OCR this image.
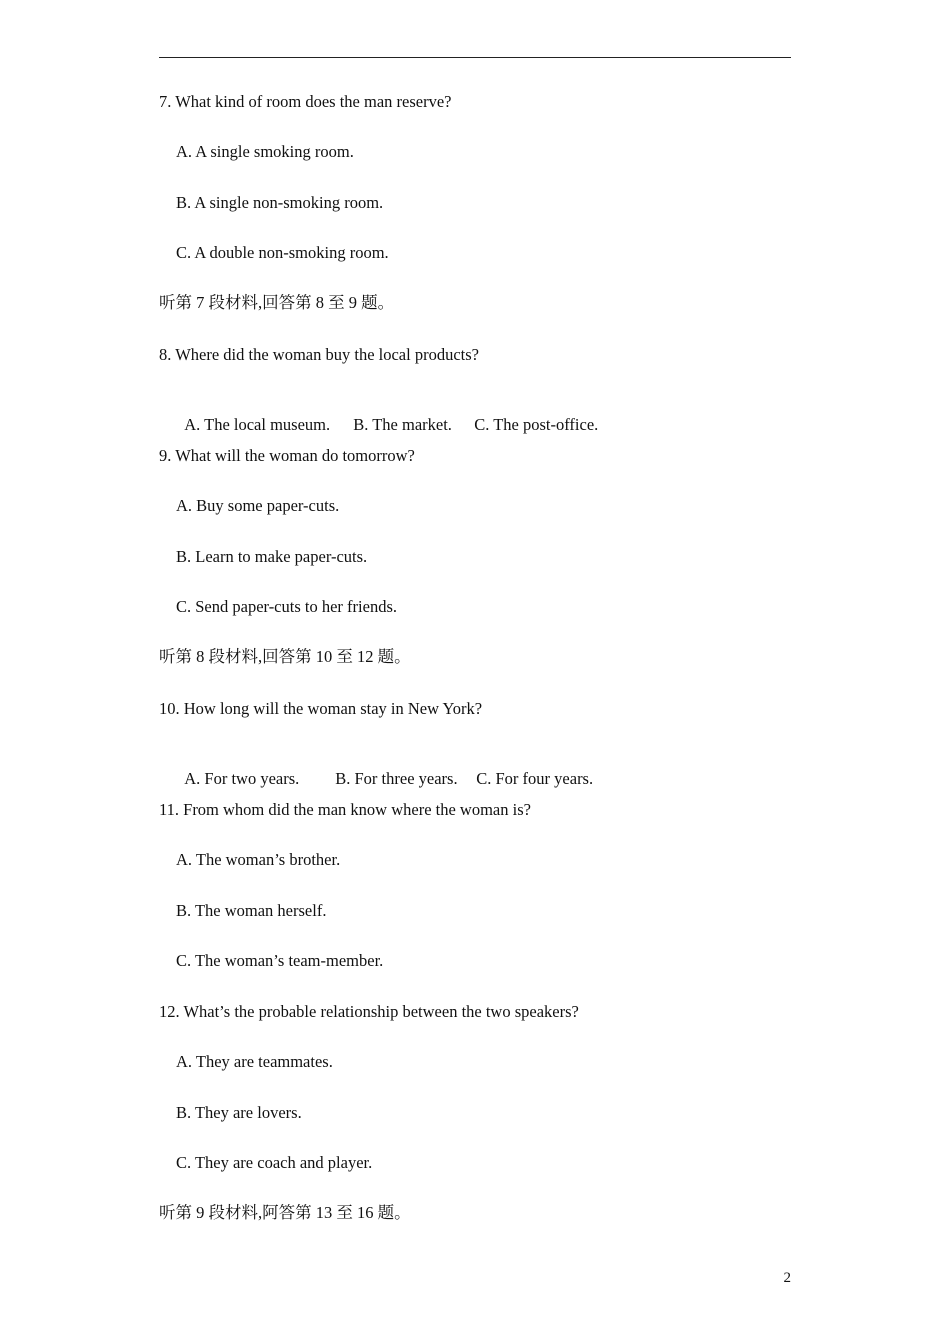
7. What kind of room does the man reserve?
A. A single smoking room.
B. A single non-smoking room.
C. A double non-smoking room.
听第 7 段材料,回答第 8 至 9 题。
8. Where did the woman buy the local products?

A. The local museum. B. The market. C. The post-office.

9. What will the woman do tomorrow?
A. Buy some paper-cuts.
B. Learn to make paper-cuts.
C. Send paper-cuts to her friends.
听第 8 段材料,回答第 10 至 12 题。
10. How long will the woman stay in New York?

A. For two years. B. For three years. C. For four years.

11. From whom did the man know where the woman is?
A. The woman’s brother.
B. The woman herself.
C. The woman’s team-member.
12. What’s the probable relationship between the two speakers?
A. They are teammates.
B. They are lovers.
C. They are coach and player.
听第 9 段材料,阿答第 13 至 16 题。
2
